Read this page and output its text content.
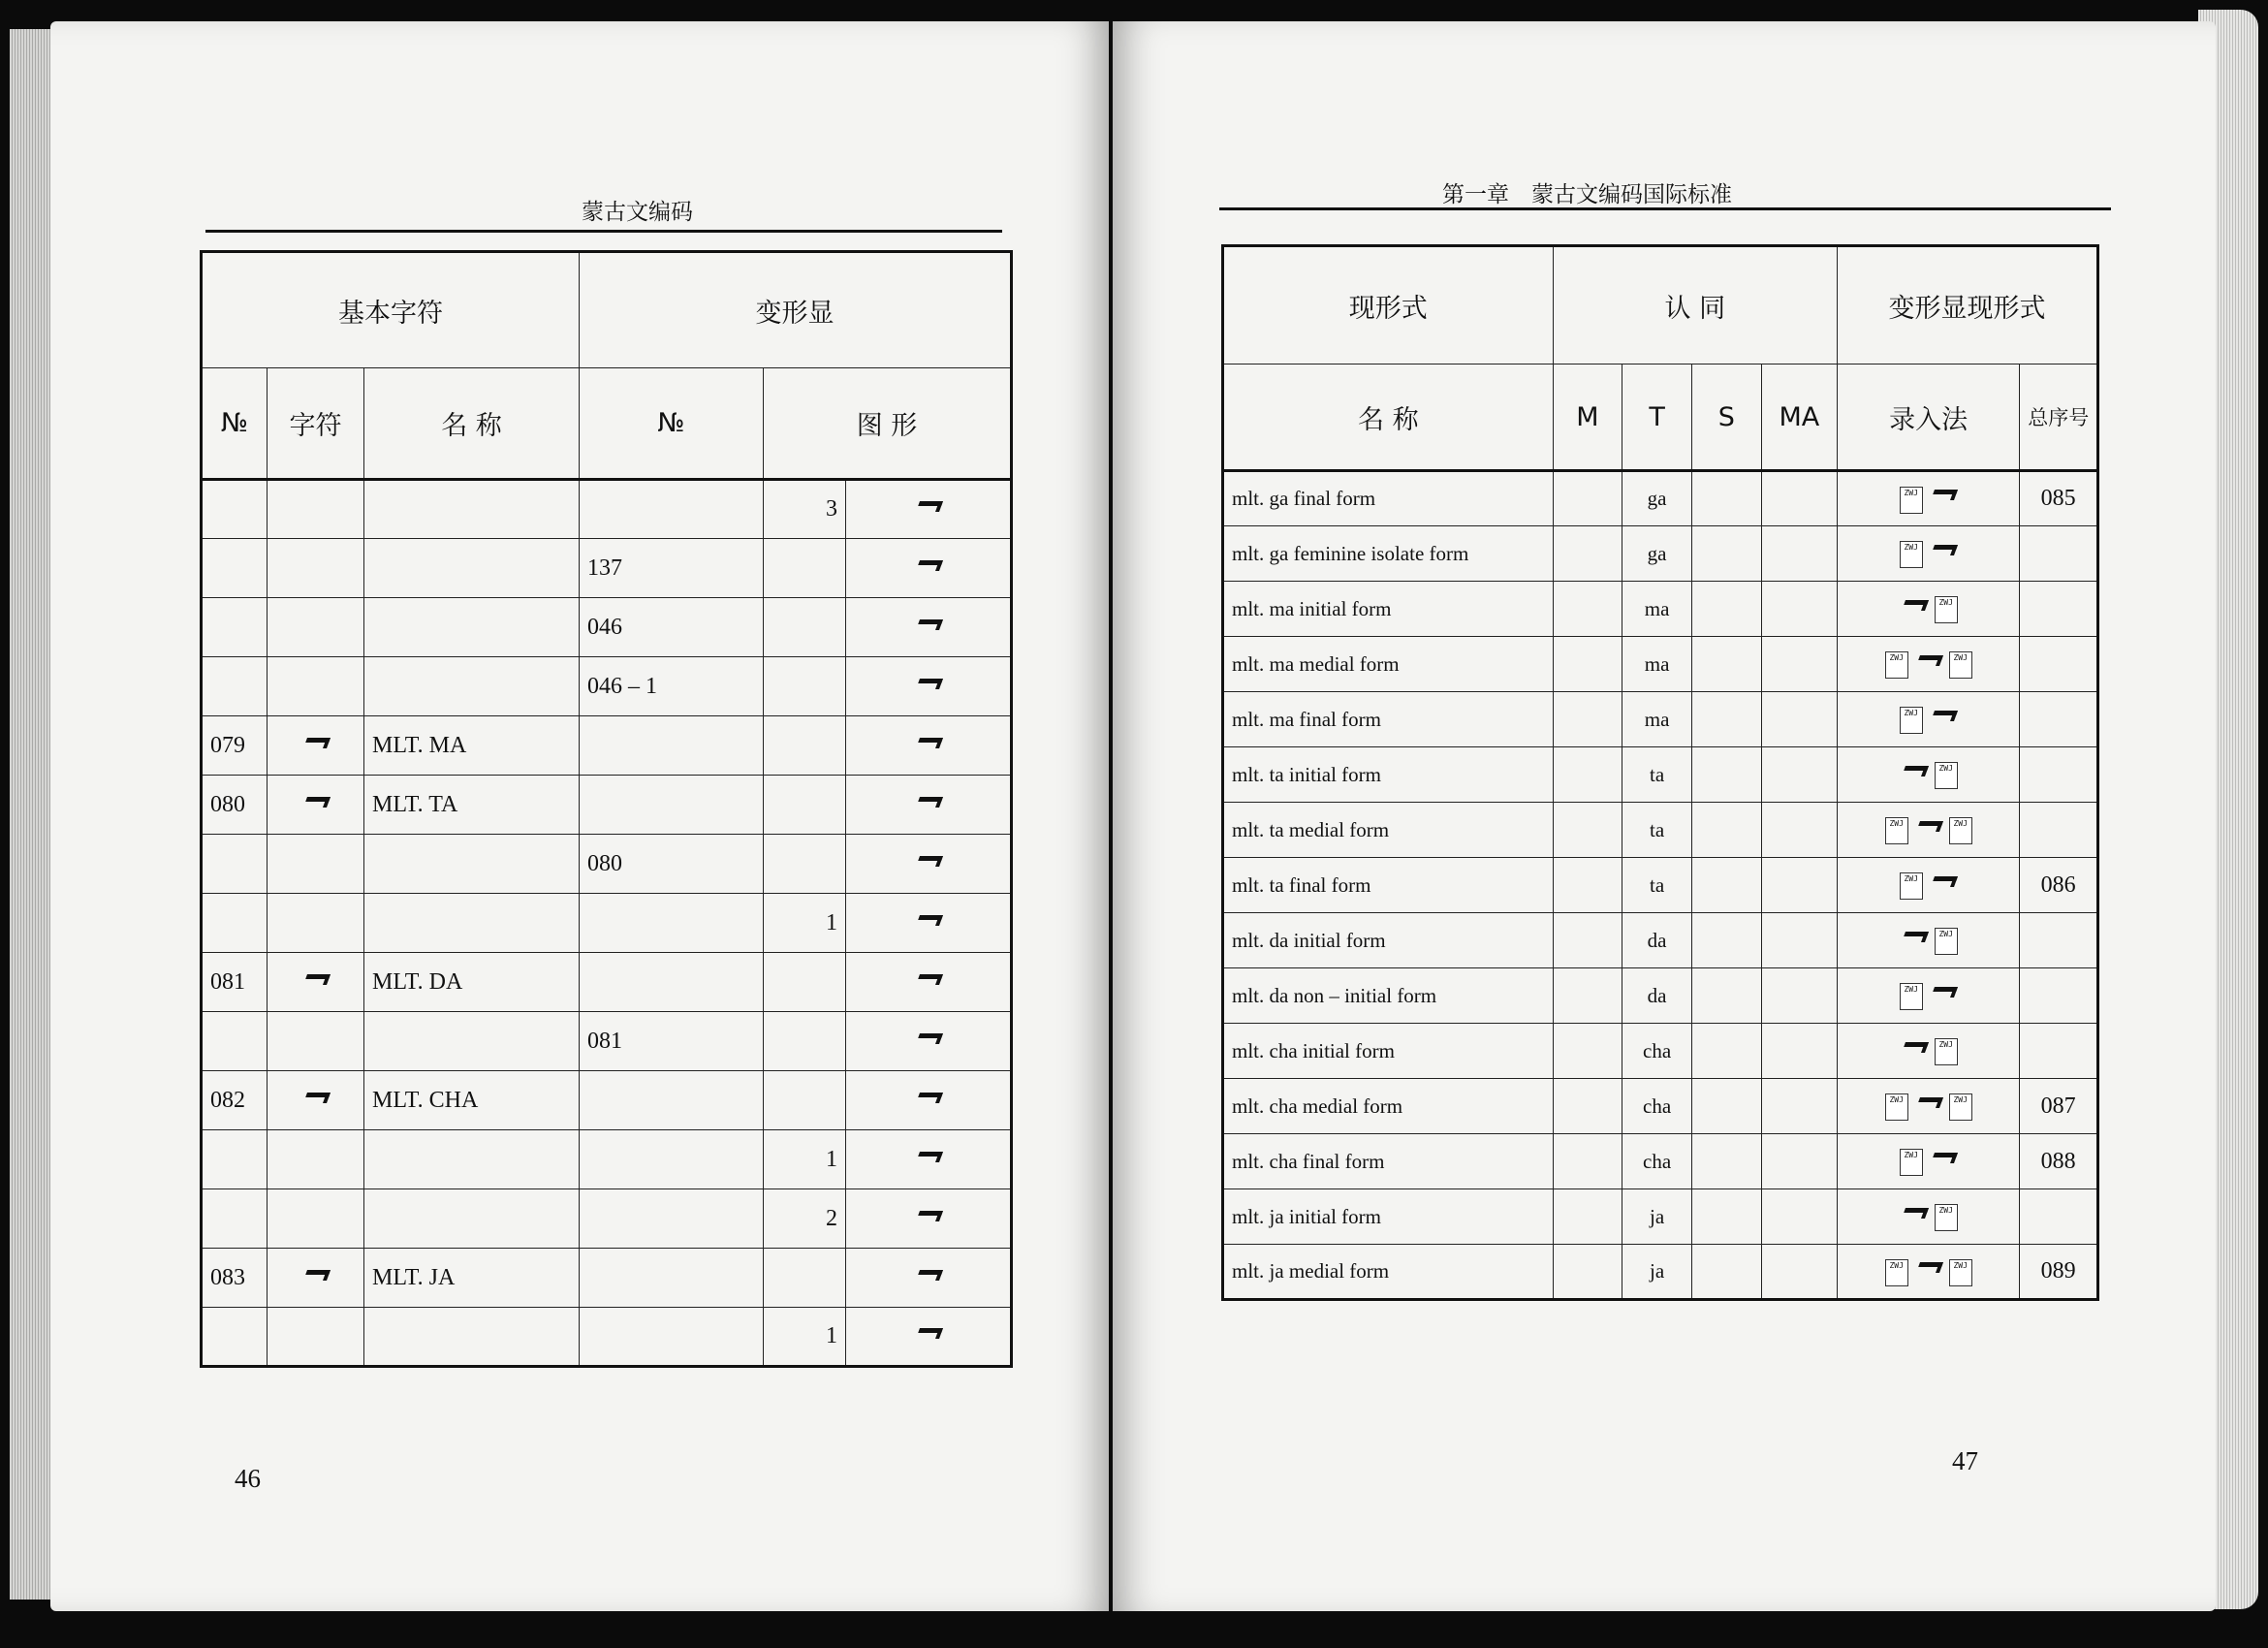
蒙古文编码
基本字符			变形显		
№	字符	名 称	№	图 形	
				3	
			137		
			046		
			046 – 1		
079		MLT. MA			
080		MLT. TA			
			080		
				1	
081		MLT. DA			
			081		
082		MLT. CHA			
				1	
				2	
083		MLT. JA			
				1	
46
第一章　蒙古文编码国际标准
现形式	认 同				变形显现形式	
名 称	M	T	S	MA	录入法	总序号
mlt. ga final form		ga			ZWJ	085
mlt. ga feminine isolate form		ga			ZWJ	
mlt. ma initial form		ma			ZWJ	
mlt. ma medial form		ma			ZWJ ZWJ	
mlt. ma final form		ma			ZWJ	
mlt. ta initial form		ta			ZWJ	
mlt. ta medial form		ta			ZWJ ZWJ	
mlt. ta final form		ta			ZWJ	086
mlt. da initial form		da			ZWJ	
mlt. da non – initial form		da			ZWJ	
mlt. cha initial form		cha			ZWJ	
mlt. cha medial form		cha			ZWJ ZWJ	087
mlt. cha final form		cha			ZWJ	088
mlt. ja initial form		ja			ZWJ	
mlt. ja medial form		ja			ZWJ ZWJ	089
47
